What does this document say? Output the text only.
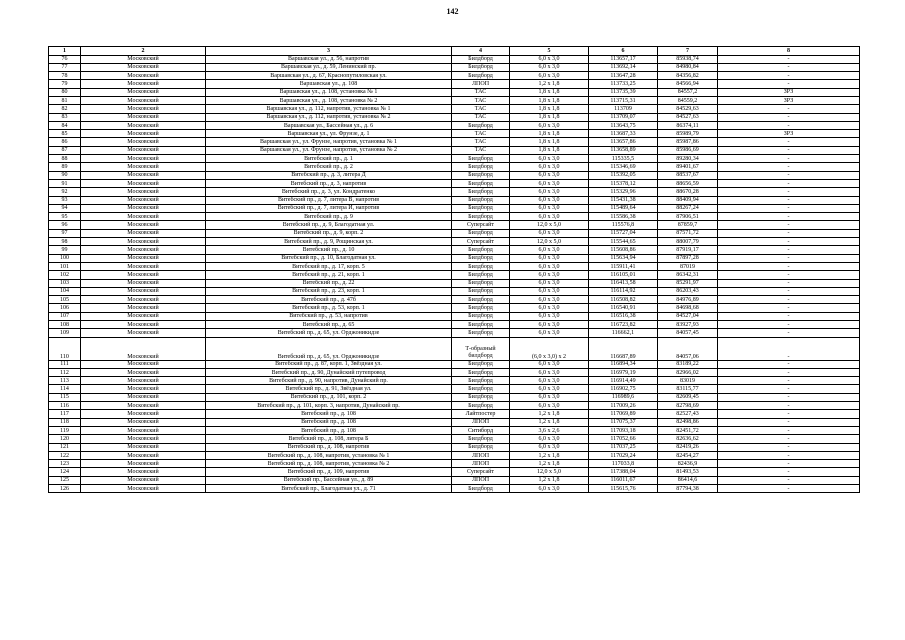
142
1	2	3	4	5	6	7	8
76	Московский	Варшавская ул., д. 56, напротив	Билдборд	6,0 x 3,0	113657,17	85938,74	-
77	Московский	Варшавская ул., д. 59, Ленинский пр.	Билдборд	6,0 x 3,0	113692,14	84980,84	-
78	Московский	Варшавская ул., д. 67, Краснопутиловская ул.	Билдборд	6,0 x 3,0	113647,28	84356,82	-
79	Московский	Варшавская ул., д. 108	ЛПОП	1,2 x 1,8	113733,25	84566,94	-
80	Московский	Варшавская ул., д. 108, установка № 1	ТАС	1,8 x 1,8	113735,39	84557,2	ЗРЗ
81	Московский	Варшавская ул., д. 108, установка № 2	ТАС	1,8 x 1,8	113715,31	84559,2	ЗРЗ
82	Московский	Варшавская ул., д. 112, напротив, установка № 1	ТАС	1,8 x 1,8	113709	84529,63	-
83	Московский	Варшавская ул., д. 112, напротив, установка № 2	ТАС	1,8 x 1,8	113709,07	84527,63	-
84	Московский	Варшавская ул., Бассейная ул., д. 6	Билдборд	6,0 x 3,0	113643,75	86374,11	-
85	Московский	Варшавская ул., ул. Фрунзе, д. 1	ТАС	1,8 x 1,8	113687,33	85989,79	ЗРЗ
86	Московский	Варшавская ул., ул. Фрунзе, напротив, установка № 1	ТАС	1,8 x 1,8	113657,86	85987,86	-
87	Московский	Варшавская ул., ул. Фрунзе, напротив, установка № 2	ТАС	1,8 x 1,8	113658,89	85986,69	-
88	Московский	Витебский пр., д. 1	Билдборд	6,0 x 3,0	115335,5	89280,34	-
89	Московский	Витебский пр., д. 2	Билдборд	6,0 x 3,0	115346,69	89401,67	-
90	Московский	Витебский пр., д. 3, литера Д	Билдборд	6,0 x 3,0	115392,05	88537,67	-
91	Московский	Витебский пр., д. 3, напротив	Билдборд	6,0 x 3,0	115378,12	88656,59	-
92	Московский	Витебский пр., д. 3, ул. Кондратенко	Билдборд	6,0 x 3,0	115329,96	88670,28	-
93	Московский	Витебский пр., д. 7, литера В, напротив	Билдборд	6,0 x 3,0	115431,38	88409,94	-
94	Московский	Витебский пр., д. 7, литера И, напротив	Билдборд	6,0 x 3,0	115489,64	88267,24	-
95	Московский	Витебский пр., д. 9	Билдборд	6,0 x 3,0	115586,38	87906,51	-
96	Московский	Витебский пр., д. 9, Благодатная ул.	Суперсайт	12,0 x 5,0	115576,8	87859,7	-
97	Московский	Витебский пр., д. 9, корп. 2	Билдборд	6,0 x 3,0	115727,04	87571,72	-
98	Московский	Витебский пр., д. 9, Рощинская ул.	Суперсайт	12,0 x 5,0	115544,65	88007,79	-
99	Московский	Витебский пр., д. 10	Билдборд	6,0 x 3,0	115608,86	87919,17	-
100	Московский	Витебский пр., д. 10, Благодатная ул.	Билдборд	6,0 x 3,0	115634,94	87897,28	-
101	Московский	Витебский пр., д. 17, корп. 5	Билдборд	6,0 x 3,0	115911,41	87019	-
102	Московский	Витебский пр., д. 21, корп. 1	Билдборд	6,0 x 3,0	116105,01	86342,31	-
103	Московский	Витебский пр., д. 22	Билдборд	6,0 x 3,0	116413,58	85291,97	-
104	Московский	Витебский пр., д. 23, корп. 1	Билдборд	6,0 x 3,0	116114,92	86203,43	-
105	Московский	Витебский пр., д. 47б	Билдборд	6,0 x 3,0	116508,82	84976,89	-
106	Московский	Витебский пр., д. 53, корп. 1	Билдборд	6,0 x 3,0	116540,91	84698,68	-
107	Московский	Витебский пр., д. 53, напротив	Билдборд	6,0 x 3,0	116516,38	84527,04	-
108	Московский	Витебский пр., д. 65	Билдборд	6,0 x 3,0	116723,82	83927,93	-
109	Московский	Витебский пр., д. 65, ул. Орджоникидзе	Билдборд	6,0 x 3,0	116662,1	84057,45	-
110	Московский	Витебский пр., д. 65, ул. Орджоникидзе	Т-образный билдборд	(6,0 x 3,0) x 2	116687,89	84057,06	-
111	Московский	Витебский пр., д. 87, корп. 1, Звёздная ул.	Билдборд	6,0 x 3,0	116894,34	83189,22	-
112	Московский	Витебский пр., д. 90, Дунайский путепровод	Билдборд	6,0 x 3,0	116979,19	82966,02	-
113	Московский	Витебский пр., д. 90, напротив, Дунайский пр.	Билдборд	6,0 x 3,0	116914,49	83019	-
114	Московский	Витебский пр., д. 91, Звёздная ул.	Билдборд	6,0 x 3,0	116902,75	83115,77	-
115	Московский	Витебский пр., д. 101, корп. 2	Билдборд	6,0 x 3,0	116989,6	82609,45	-
116	Московский	Витебский пр., д. 101, корп. 3, напротив, Дунайский пр.	Билдборд	6,0 x 3,0	117009,26	82798,69	-
117	Московский	Витебский пр., д. 108	Лайтпостер	1,2 x 1,8	117069,89	82527,43	-
118	Московский	Витебский пр., д. 108	ЛПОП	1,2 x 1,8	117075,37	82498,86	-
119	Московский	Витебский пр., д. 108	Ситиборд	3,6 x 2,6	117093,18	82451,72	-
120	Московский	Витебский пр., д. 108, литера Б	Билдборд	6,0 x 3,0	117052,66	82636,62	-
121	Московский	Витебский пр., д. 108, напротив	Билдборд	6,0 x 3,0	117037,25	82419,26	-
122	Московский	Витебский пр., д. 108, напротив, установка № 1	ЛПОП	1,2 x 1,8	117029,24	82454,27	-
123	Московский	Витебский пр., д. 108, напротив, установка № 2	ЛПОП	1,2 x 1,8	117033,8	82436,9	-
124	Московский	Витебский пр., д. 109, напротив	Суперсайт	12,0 x 5,0	117388,04	81493,53	-
125	Московский	Витебский пр., Бассейная ул., д. 89	ЛПОП	1,2 x 1,8	116011,67	86414,6	-
126	Московский	Витебский пр., Благодатная ул., д. 71	Билдборд	6,0 x 3,0	115615,76	87794,38	-
